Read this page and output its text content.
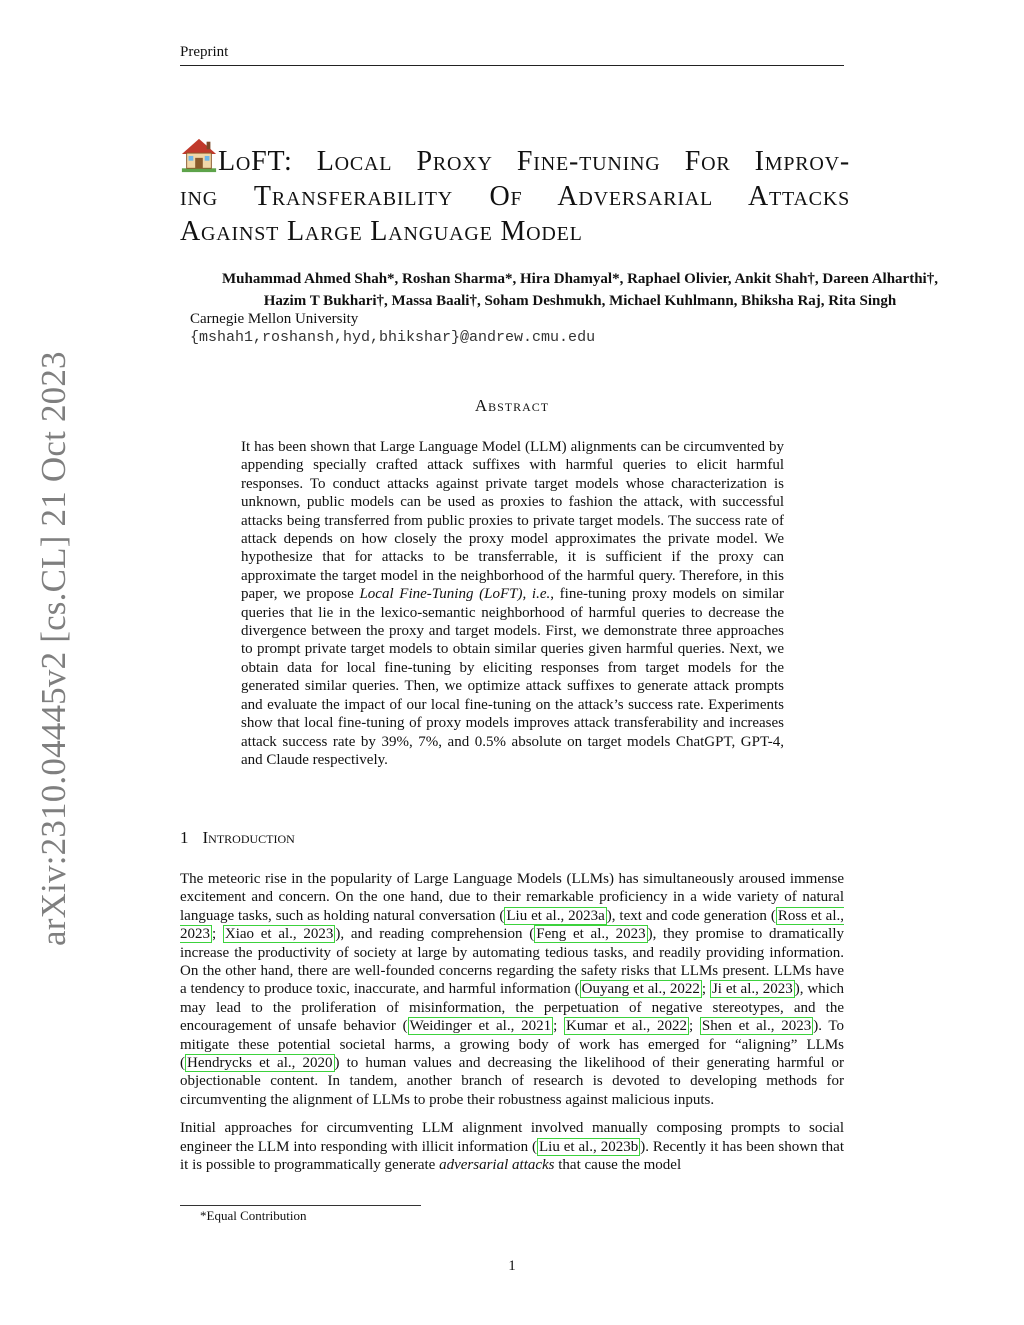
Preprint
arXiv:2310.04445v2 [cs.CL] 21 Oct 2023
LoFT: Local Proxy Fine-tuning For Improv-
ing Transferability Of Adversarial Attacks
Against Large Language Model
Muhammad Ahmed Shah*, Roshan Sharma*, Hira Dhamyal*, Raphael Olivier, Ankit Shah†, Dareen Alharthi†,
Hazim T Bukhari†, Massa Baali†, Soham Deshmukh, Michael Kuhlmann, Bhiksha Raj, Rita Singh
Carnegie Mellon University
{mshah1,roshansh,hyd,bhikshar}@andrew.cmu.edu
Abstract
It has been shown that Large Language Model (LLM) alignments can be circumvented by appending specially crafted attack suffixes with harmful queries to elicit harmful responses. To conduct attacks against private target models whose characterization is unknown, public models can be used as proxies to fashion the attack, with successful attacks being transferred from public proxies to private target models. The success rate of attack depends on how closely the proxy model approximates the private model. We hypothesize that for attacks to be transferrable, it is sufficient if the proxy can approximate the target model in the neighborhood of the harmful query. Therefore, in this paper, we propose Local Fine-Tuning (LoFT), i.e., fine-tuning proxy models on similar queries that lie in the lexico-semantic neighborhood of harmful queries to decrease the divergence between the proxy and target models. First, we demonstrate three approaches to prompt private target models to obtain similar queries given harmful queries. Next, we obtain data for local fine-tuning by eliciting responses from target models for the generated similar queries. Then, we optimize attack suffixes to generate attack prompts and evaluate the impact of our local fine-tuning on the attack’s success rate. Experiments show that local fine-tuning of proxy models improves attack transferability and increases attack success rate by 39%, 7%, and 0.5% absolute on target models ChatGPT, GPT-4, and Claude respectively.
1 Introduction

The meteoric rise in the popularity of Large Language Models (LLMs) has simultaneously aroused immense excitement and concern. On the one hand, due to their remarkable proficiency in a wide variety of natural language tasks, such as holding natural conversation ( Liu et al., 2023a ), text and code generation ( Ross et al., 2023 ; Xiao et al., 2023 ), and reading comprehension ( Feng et al., 2023 ), they promise to dramatically increase the productivity of society at large by automating tedious tasks, and readily providing information. On the other hand, there are well-founded concerns regarding the safety risks that LLMs present. LLMs have a tendency to produce toxic, inaccurate, and harmful information ( Ouyang et al., 2022 ; Ji et al., 2023 ), which may lead to the proliferation of misinformation, the perpetuation of negative stereotypes, and the encouragement of unsafe behavior ( Weidinger et al., 2021 ; Kumar et al., 2022 ; Shen et al., 2023 ). To mitigate these potential societal harms, a growing body of work has emerged for “aligning” LLMs ( Hendrycks et al., 2020 ) to human values and decreasing the likelihood of their generating harmful or objectionable content. In tandem, another branch of research is devoted to developing methods for circumventing the alignment of LLMs to probe their robustness against malicious inputs.

Initial approaches for circumventing LLM alignment involved manually composing prompts to social engineer the LLM into responding with illicit information ( Liu et al., 2023b ). Recently it has been shown that it is possible to programmatically generate adversarial attacks that cause the model

*Equal Contribution
1
